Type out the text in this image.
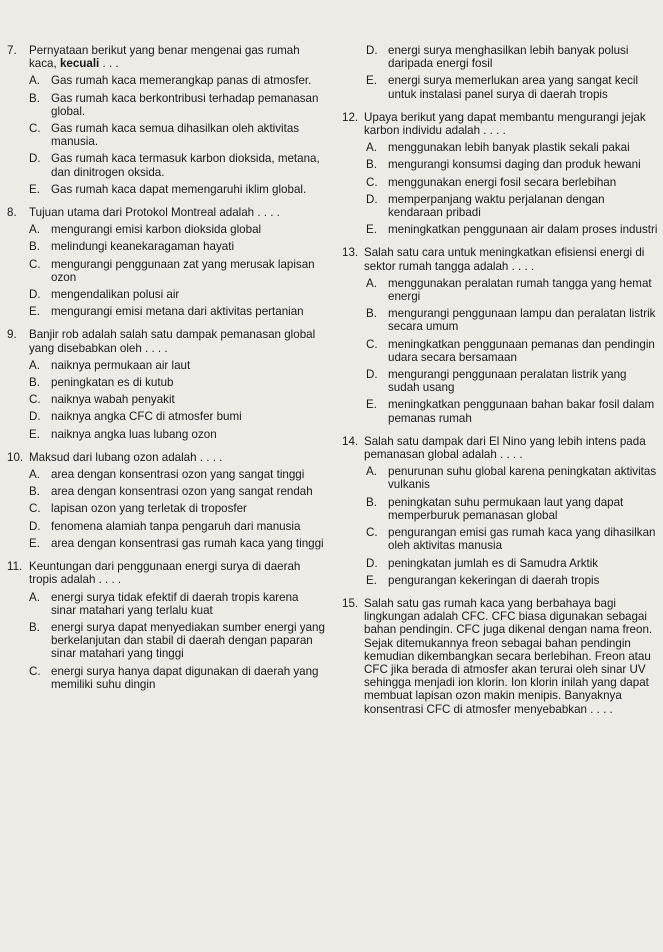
7.	Pernyataan berikut yang benar mengenai gas rumah kaca, kecuali . . .
A. Gas rumah kaca memerangkap panas di atmosfer.
B. Gas rumah kaca berkontribusi terhadap pemanasan global.
C. Gas rumah kaca semua dihasilkan oleh aktivitas manusia.
D. Gas rumah kaca termasuk karbon dioksida, metana, dan dinitrogen oksida.
E. Gas rumah kaca dapat memengaruhi iklim global.
8.	Tujuan utama dari Protokol Montreal adalah . . . .
A. mengurangi emisi karbon dioksida global
B. melindungi keanekaragaman hayati
C. mengurangi penggunaan zat yang merusak lapisan ozon
D. mengendalikan polusi air
E. mengurangi emisi metana dari aktivitas pertanian
9.	Banjir rob adalah salah satu dampak pemanasan global yang disebabkan oleh . . . .
A. naiknya permukaan air laut
B. peningkatan es di kutub
C. naiknya wabah penyakit
D. naiknya angka CFC di atmosfer bumi
E. naiknya angka luas lubang ozon
10. Maksud dari lubang ozon adalah . . . .
A. area dengan konsentrasi ozon yang sangat tinggi
B. area dengan konsentrasi ozon yang sangat rendah
C. lapisan ozon yang terletak di troposfer
D. fenomena alamiah tanpa pengaruh dari manusia
E. area dengan konsentrasi gas rumah kaca yang tinggi
11. Keuntungan dari penggunaan energi surya di daerah tropis adalah . . . .
A. energi surya tidak efektif di daerah tropis karena sinar matahari yang terlalu kuat
B. energi surya dapat menyediakan sumber energi yang berkelanjutan dan stabil di daerah dengan paparan sinar matahari yang tinggi
C. energi surya hanya dapat digunakan di daerah yang memiliki suhu dingin
D. energi surya menghasilkan lebih banyak polusi daripada energi fosil
E. energi surya memerlukan area yang sangat kecil untuk instalasi panel surya di daerah tropis
12. Upaya berikut yang dapat membantu mengurangi jejak karbon individu adalah . . . .
A. menggunakan lebih banyak plastik sekali pakai
B. mengurangi konsumsi daging dan produk hewani
C. menggunakan energi fosil secara berlebihan
D. memperpanjang waktu perjalanan dengan kendaraan pribadi
E. meningkatkan penggunaan air dalam proses industri
13. Salah satu cara untuk meningkatkan efisiensi energi di sektor rumah tangga adalah . . . .
A. menggunakan peralatan rumah tangga yang hemat energi
B. mengurangi penggunaan lampu dan peralatan listrik secara umum
C. meningkatkan penggunaan pemanas dan pendingin udara secara bersamaan
D. mengurangi penggunaan peralatan listrik yang sudah usang
E. meningkatkan penggunaan bahan bakar fosil dalam pemanas rumah
14. Salah satu dampak dari El Nino yang lebih intens pada pemanasan global adalah . . . .
A. penurunan suhu global karena peningkatan aktivitas vulkanis
B. peningkatan suhu permukaan laut yang dapat memperburuk pemanasan global
C. pengurangan emisi gas rumah kaca yang dihasilkan oleh aktivitas manusia
D. peningkatan jumlah es di Samudra Arktik
E. pengurangan kekeringan di daerah tropis
15. Salah satu gas rumah kaca yang berbahaya bagi lingkungan adalah CFC. CFC biasa digunakan sebagai bahan pendingin. CFC juga dikenal dengan nama freon. Sejak ditemukannya freon sebagai bahan pendingin kemudian dikembangkan secara berlebihan. Freon atau CFC jika berada di atmosfer akan terurai oleh sinar UV sehingga menjadi ion klorin. Ion klorin inilah yang dapat membuat lapisan ozon makin menipis. Banyaknya konsentrasi CFC di atmosfer menyebabkan . . . .
